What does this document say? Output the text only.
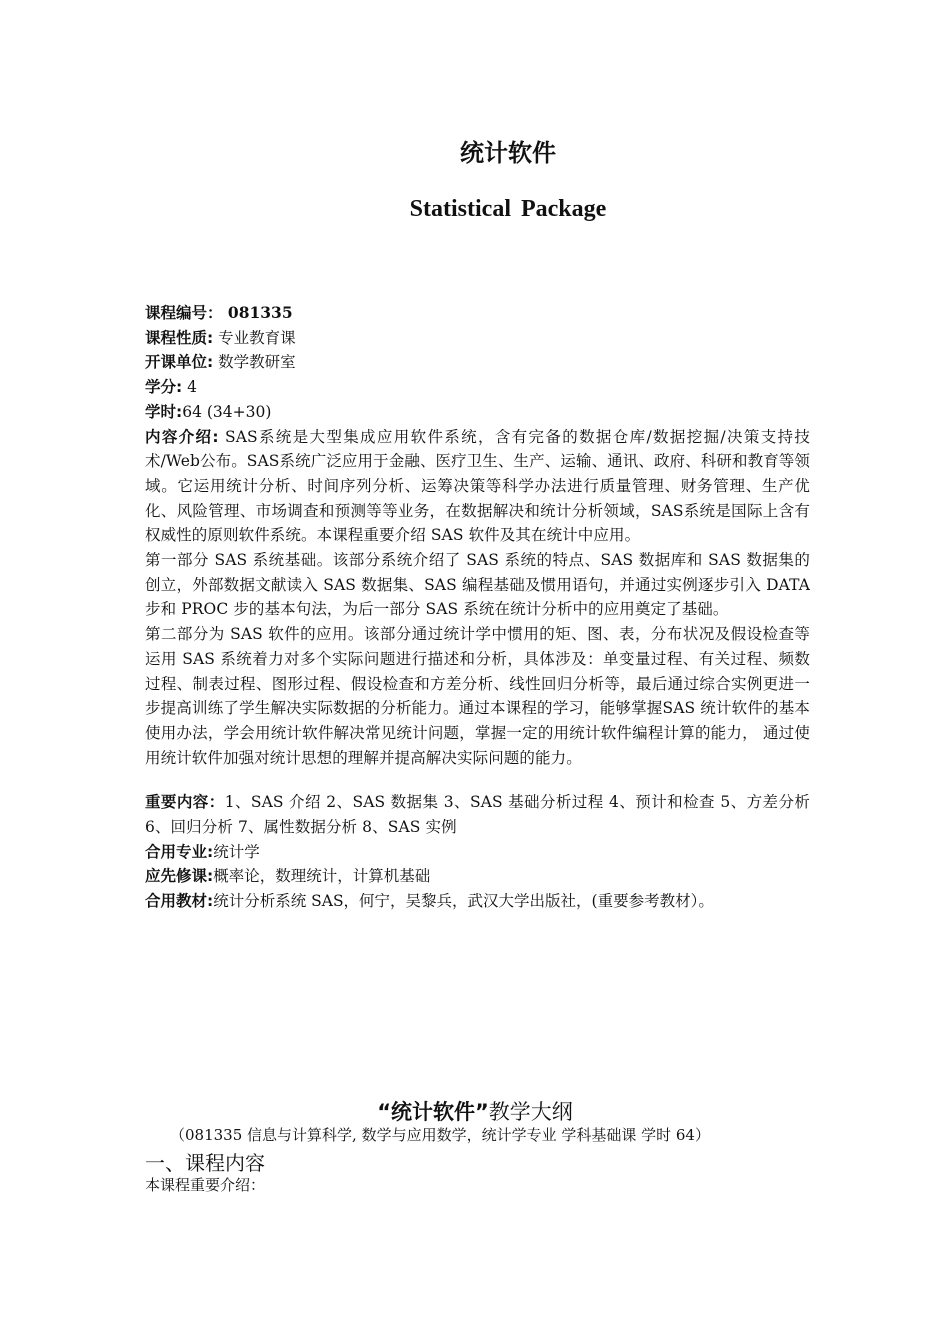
统计软件
Statistical Package
课程编号： 081335
课程性质: 专业教育课
开课单位: 数学教研室
学分: 4
学时:64 (34+30)
内容介绍: SAS系统是大型集成应用软件系统，含有完备的数据仓库/数据挖掘/决策支持技术/Web公布。SAS系统广泛应用于金融、医疗卫生、生产、运输、通讯、政府、科研和教育等领域。它运用统计分析、时间序列分析、运筹决策等科学办法进行质量管理、财务管理、生产优化、风险管理、市场调查和预测等等业务，在数据解决和统计分析领域，SAS系统是国际上含有权威性的原则软件系统。本课程重要介绍 SAS 软件及其在统计中应用。
第一部分 SAS 系统基础。该部分系统介绍了 SAS 系统的特点、SAS 数据库和 SAS 数据集的创立，外部数据文献读入 SAS 数据集、SAS 编程基础及惯用语句，并通过实例逐步引入 DATA 步和 PROC 步的基本句法，为后一部分 SAS 系统在统计分析中的应用奠定了基础。
第二部分为 SAS 软件的应用。该部分通过统计学中惯用的矩、图、表，分布状况及假设检查等运用 SAS 系统着力对多个实际问题进行描述和分析，具体涉及：单变量过程、有关过程、频数过程、制表过程、图形过程、假设检查和方差分析、线性回归分析等，最后通过综合实例更进一步提高训练了学生解决实际数据的分析能力。通过本课程的学习，能够掌握SAS 统计软件的基本使用办法，学会用统计软件解决常见统计问题，掌握一定的用统计软件编程计算的能力， 通过使用统计软件加强对统计思想的理解并提高解决实际问题的能力。
重要内容：1、SAS 介绍 2、SAS 数据集 3、SAS 基础分析过程 4、预计和检查 5、方差分析 6、回归分析 7、属性数据分析 8、SAS 实例
合用专业:统计学
应先修课:概率论，数理统计，计算机基础
合用教材:统计分析系统 SAS，何宁，吴黎兵，武汉大学出版社，(重要参考教材）。
“统计软件”教学大纲
（081335 信息与计算科学, 数学与应用数学，统计学专业 学科基础课 学时 64）
一、课程内容
本课程重要介绍：
